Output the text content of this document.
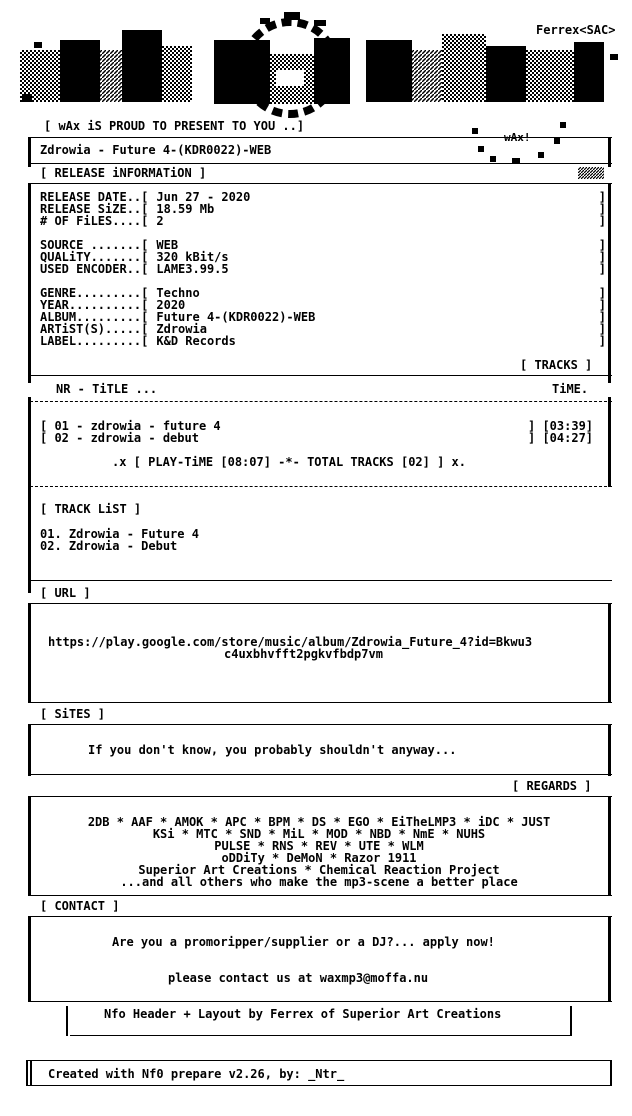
Ferrex<SAC>
[ wAx iS PROUD TO PRESENT TO YOU ..]
wAx!
Zdrowia - Future 4-(KDR0022)-WEB
[ RELEASE iNFORMATiON ]
RELEASE DATE..[ Jun 27 - 2020	]
RELEASE SiZE..[ 18.59 Mb	]
# OF FiLES....[ 2	]
SOURCE .......[ WEB	]
QUALiTY.......[ 320 kBit/s	]
USED ENCODER..[ LAME3.99.5	]
GENRE.........[ Techno	]
YEAR..........[ 2020	]
ALBUM.........[ Future 4-(KDR0022)-WEB	]
ARTiST(S).....[ Zdrowia	]
LABEL.........[ K&D Records	]
[ TRACKS ]
NR - TiTLE ...	TiME.
[ 01 - zdrowia - future 4	] [03:39]
[ 02 - zdrowia - debut	] [04:27]
.x [ PLAY-TiME [08:07] -*- TOTAL TRACKS [02] ] x.
[ TRACK LiST ]
01. Zdrowia - Future 4
02. Zdrowia - Debut
[ URL ]
https://play.google.com/store/music/album/Zdrowia_Future_4?id=Bkwu3
c4uxbhvfft2pgkvfbdp7vm
[ SiTES ]
If you don't know, you probably shouldn't anyway...
[ REGARDS ]
2DB * AAF * AMOK * APC * BPM * DS * EGO * EiTheLMP3 * iDC * JUST
KSi * MTC * SND * MiL * MOD * NBD * NmE * NUHS
PULSE * RNS * REV * UTE * WLM
oDDiTy * DeMoN * Razor 1911
Superior Art Creations * Chemical Reaction Project
...and all others who make the mp3-scene a better place
[ CONTACT ]
Are you a promoripper/supplier or a DJ?... apply now!
please contact us at waxmp3@moffa.nu
Nfo Header + Layout by Ferrex of Superior Art Creations
Created with Nf0 prepare v2.26, by: _Ntr_
